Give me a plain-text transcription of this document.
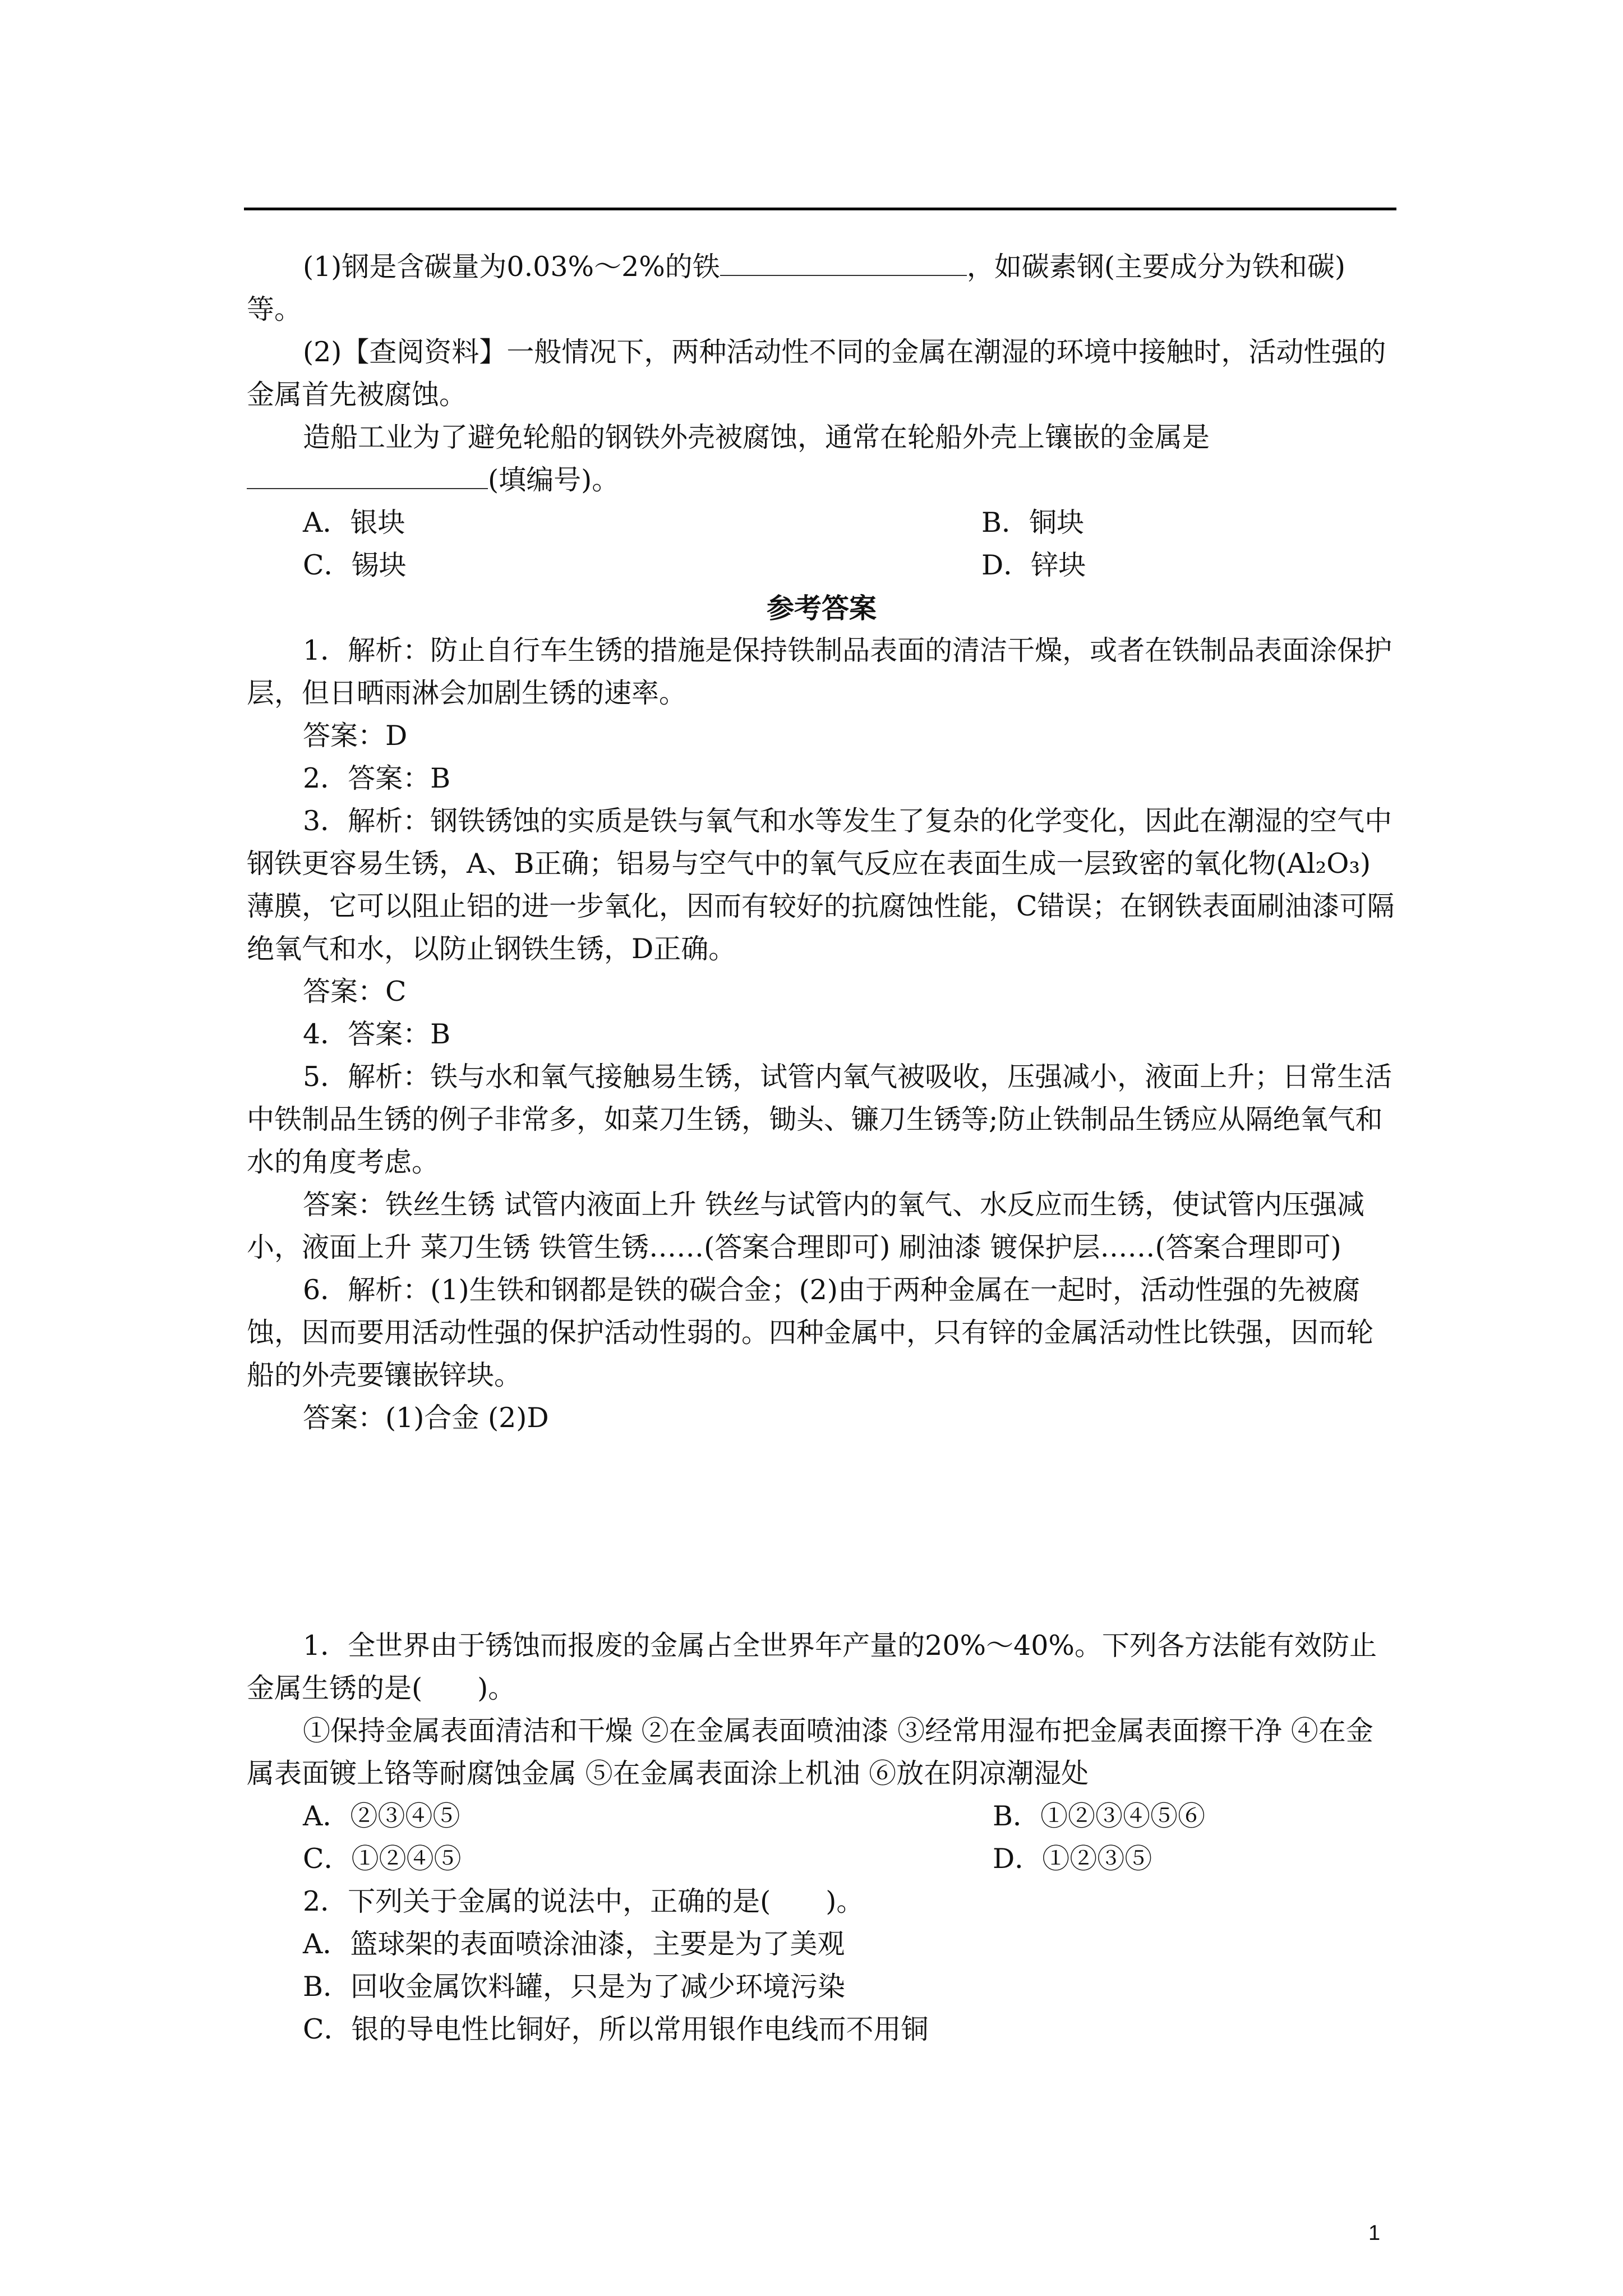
(1)钢是含碳量为0.03%～2%的铁	，如碳素钢(主要成分为铁和碳)等。

(2)【查阅资料】一般情况下，两种活动性不同的金属在潮湿的环境中接触时，活动性强的金属首先被腐蚀。

造船工业为了避免轮船的钢铁外壳被腐蚀，通常在轮船外壳上镶嵌的金属是(填编号)。

A．银块	B．铜块
C．锡块	D．锌块

参考答案

1．解析：防止自行车生锈的措施是保持铁制品表面的清洁干燥，或者在铁制品表面涂保护层，但日晒雨淋会加剧生锈的速率。

答案：D

2．答案：B

3．解析：钢铁锈蚀的实质是铁与氧气和水等发生了复杂的化学变化，因此在潮湿的空气中钢铁更容易生锈，A、B正确；铝易与空气中的氧气反应在表面生成一层致密的氧化物(Al₂O₃)薄膜，它可以阻止铝的进一步氧化，因而有较好的抗腐蚀性能，C错误；在钢铁表面刷油漆可隔绝氧气和水，以防止钢铁生锈，D正确。

答案：C

4．答案：B

5．解析：铁与水和氧气接触易生锈，试管内氧气被吸收，压强减小，液面上升；日常生活中铁制品生锈的例子非常多，如菜刀生锈，锄头、镰刀生锈等;防止铁制品生锈应从隔绝氧气和水的角度考虑。

答案：铁丝生锈 试管内液面上升 铁丝与试管内的氧气、水反应而生锈，使试管内压强减小，液面上升 菜刀生锈 铁管生锈……(答案合理即可) 刷油漆 镀保护层……(答案合理即可)

6．解析：(1)生铁和钢都是铁的碳合金；(2)由于两种金属在一起时，活动性强的先被腐蚀，因而要用活动性强的保护活动性弱的。四种金属中，只有锌的金属活动性比铁强，因而轮船的外壳要镶嵌锌块。

答案：(1)合金 (2)D

1．全世界由于锈蚀而报废的金属占全世界年产量的20%～40%。下列各方法能有效防止金属生锈的是(　　)。

①保持金属表面清洁和干燥 ②在金属表面喷油漆 ③经常用湿布把金属表面擦干净 ④在金属表面镀上铬等耐腐蚀金属 ⑤在金属表面涂上机油 ⑥放在阴凉潮湿处

A．②③④⑤	B．①②③④⑤⑥
C．①②④⑤	D．①②③⑤

2．下列关于金属的说法中，正确的是(　　)。

A．篮球架的表面喷涂油漆，主要是为了美观

B．回收金属饮料罐，只是为了减少环境污染

C．银的导电性比铜好，所以常用银作电线而不用铜

1
